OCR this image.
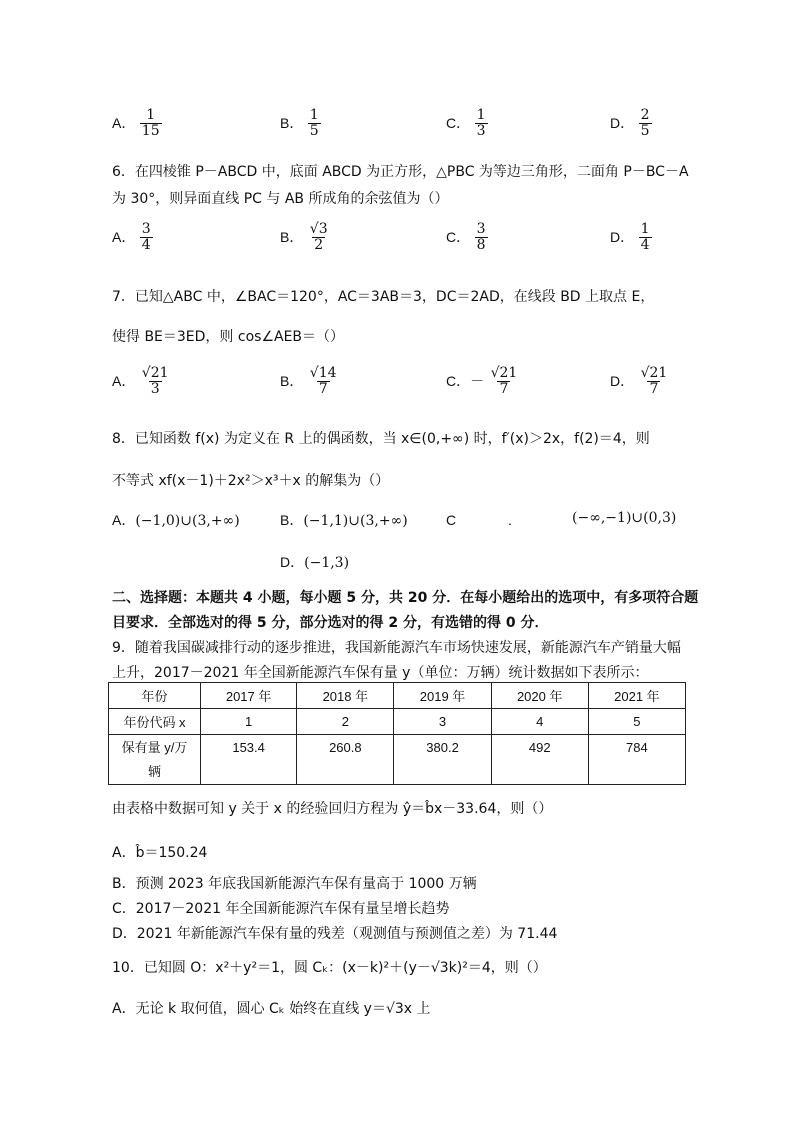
A． $\frac{1}{15}$	B． $\frac{1}{5}$	C． $\frac{1}{3}$	D． $\frac{2}{5}$
6．在四棱锥 P－ABCD 中，底面 ABCD 为正方形，△PBC 为等边三角形，二面角 P－BC－A
为 30°，则异面直线 PC 与 AB 所成角的余弦值为（）
A． $\frac{3}{4}$	B． $\frac{√3}{2}$	C． $\frac{3}{8}$	D． $\frac{1}{4}$
7．已知△ABC 中，∠BAC＝120°，AC＝3AB＝3，DC＝2AD，在线段 BD 上取点 E，
使得 BE＝3ED，则 cos∠AEB＝（）
A． $\frac{√21}{3}$	B． $\frac{√14}{7}$	C．－ $\frac{√21}{7}$	D． $\frac{√21}{7}$
8．已知函数 f(x) 为定义在 R 上的偶函数，当 x∈(0,+∞) 时，f′(x)＞2x，f(2)＝4，则
不等式 xf(x－1)＋2x²＞x³＋x 的解集为（）
A．(−1,0)∪(3,+∞)	B．(−1,1)∪(3,+∞)	C	.	(−∞,−1)∪(0,3)
D．(−1,3)
二、选择题：本题共 4 小题，每小题 5 分，共 20 分．在每小题给出的选项中，有多项符合题
目要求．全部选对的得 5 分，部分选对的得 2 分，有选错的得 0 分．
9．随着我国碳减排行动的逐步推进，我国新能源汽车市场快速发展，新能源汽车产销量大幅
上升，2017－2021 年全国新能源汽车保有量 y（单位：万辆）统计数据如下表所示：
年份	2017 年	2018 年	2019 年	2020 年	2021 年
年份代码 x	1	2	3	4	5

保有量 y/万
辆	153.4	260.8	380.2	492	784
由表格中数据可知 y 关于 x 的经验回归方程为 ŷ＝b̂x－33.64，则（）
A．b̂＝150.24
B．预测 2023 年底我国新能源汽车保有量高于 1000 万辆
C．2017－2021 年全国新能源汽车保有量呈增长趋势
D．2021 年新能源汽车保有量的残差（观测值与预测值之差）为 71.44
10．已知圆 O：x²＋y²＝1，圆 Cₖ：(x－k)²＋(y－√3k)²＝4，则（）
A．无论 k 取何值，圆心 Cₖ 始终在直线 y＝√3x 上
